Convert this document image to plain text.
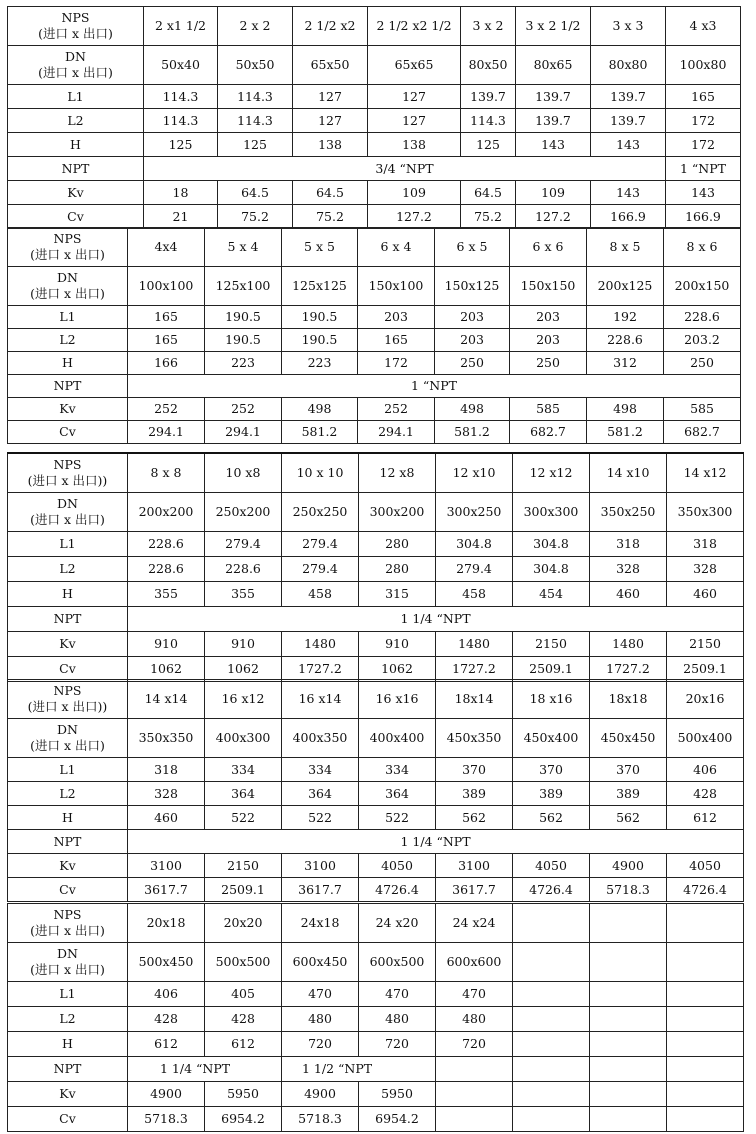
NPS
(进口 x 出口)	2 x1 1/2	2 x 2	2 1/2 x2	2 1/2 x2 1/2	3 x 2	3 x 2 1/2	3 x 3	4 x3

DN
(进口 x 出口)	50x40	50x50	65x50	65x65	80x50	80x65	80x80	100x80
L1	114.3	114.3	127	127	139.7	139.7	139.7	165
L2	114.3	114.3	127	127	114.3	139.7	139.7	172
H	125	125	138	138	125	143	143	172
NPT	3/4 “NPT							1 “NPT
Kv	18	64.5	64.5	109	64.5	109	143	143
Cv	21	75.2	75.2	127.2	75.2	127.2	166.9	166.9
NPS
(进口 x 出口)	4x4	5 x 4	5 x 5	6 x 4	6 x 5	6 x 6	8 x 5	8 x 6

DN
(进口 x 出口)	100x100	125x100	125x125	150x100	150x125	150x150	200x125	200x150
L1	165	190.5	190.5	203	203	203	192	228.6
L2	165	190.5	190.5	165	203	203	228.6	203.2
H	166	223	223	172	250	250	312	250
NPT	1 “NPT							
Kv	252	252	498	252	498	585	498	585
Cv	294.1	294.1	581.2	294.1	581.2	682.7	581.2	682.7
NPS
(进口 x 出口))	8 x 8	10 x8	10 x 10	12 x8	12 x10	12 x12	14 x10	14 x12

DN
(进口 x 出口)	200x200	250x200	250x250	300x200	300x250	300x300	350x250	350x300
L1	228.6	279.4	279.4	280	304.8	304.8	318	318
L2	228.6	228.6	279.4	280	279.4	304.8	328	328
H	355	355	458	315	458	454	460	460
NPT	1 1/4 “NPT							
Kv	910	910	1480	910	1480	2150	1480	2150
Cv	1062	1062	1727.2	1062	1727.2	2509.1	1727.2	2509.1
NPS
(进口 x 出口))	14 x14	16 x12	16 x14	16 x16	18x14	18 x16	18x18	20x16

DN
(进口 x 出口)	350x350	400x300	400x350	400x400	450x350	450x400	450x450	500x400
L1	318	334	334	334	370	370	370	406
L2	328	364	364	364	389	389	389	428
H	460	522	522	522	562	562	562	612
NPT	1 1/4 “NPT							
Kv	3100	2150	3100	4050	3100	4050	4900	4050
Cv	3617.7	2509.1	3617.7	4726.4	3617.7	4726.4	5718.3	4726.4
NPS
(进口 x 出口)	20x18	20x20	24x18	24 x20	24 x24			

DN
(进口 x 出口)	500x450	500x500	600x450	600x500	600x600			
L1	406	405	470	470	470			
L2	428	428	480	480	480			
H	612	612	720	720	720			
NPT	1 1/4 “NPT		1 1/2 “NPT					
Kv	4900	5950	4900	5950				
Cv	5718.3	6954.2	5718.3	6954.2				
